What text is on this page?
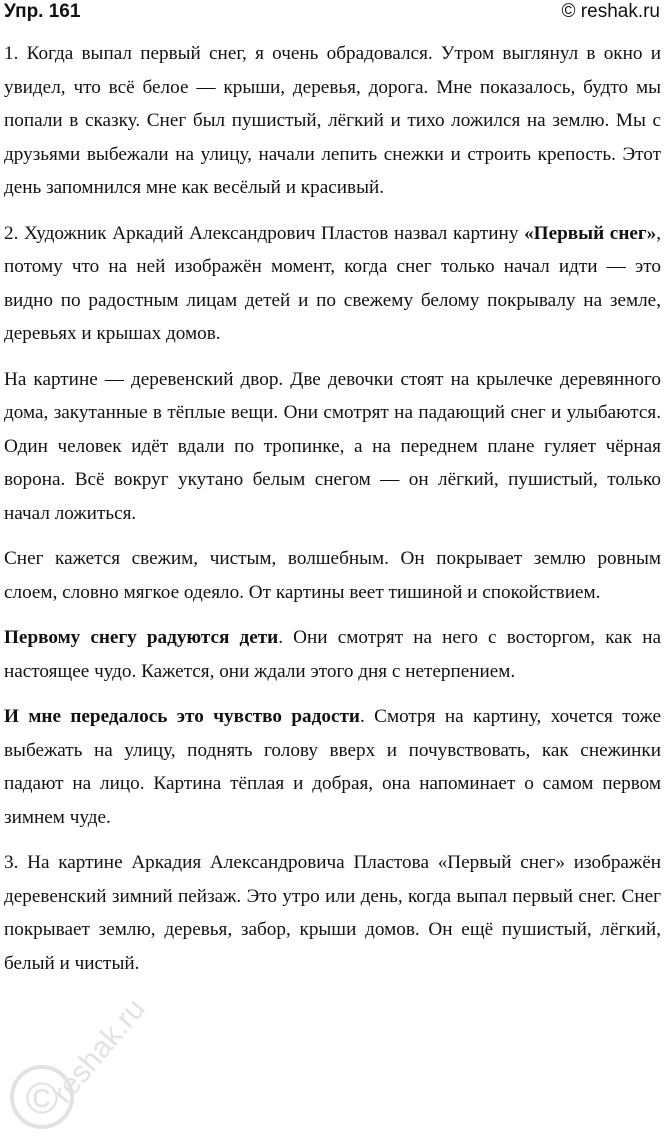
Упр. 161	© reshak.ru

1. Когда выпал первый снег, я очень обрадовался. Утром выглянул в окно и увидел, что всё белое — крыши, деревья, дорога. Мне показалось, будто мы попали в сказку. Снег был пушистый, лёгкий и тихо ложился на землю. Мы с друзьями выбежали на улицу, начали лепить снежки и строить крепость. Этот день запомнился мне как весёлый и красивый.

2. Художник Аркадий Александрович Пластов назвал картину «Первый снег», потому что на ней изображён момент, когда снег только начал идти — это видно по радостным лицам детей и по свежему белому покрывалу на земле, деревьях и крышах домов.

На картине — деревенский двор. Две девочки стоят на крылечке деревянного дома, закутанные в тёплые вещи. Они смотрят на падающий снег и улыбаются. Один человек идёт вдали по тропинке, а на переднем плане гуляет чёрная ворона. Всё вокруг укутано белым снегом — он лёгкий, пушистый, только начал ложиться.

Снег кажется свежим, чистым, волшебным. Он покрывает землю ровным слоем, словно мягкое одеяло. От картины веет тишиной и спокойствием.

Первому снегу радуются дети. Они смотрят на него с восторгом, как на настоящее чудо. Кажется, они ждали этого дня с нетерпением.

И мне передалось это чувство радости. Смотря на картину, хочется тоже выбежать на улицу, поднять голову вверх и почувствовать, как снежинки падают на лицо. Картина тёплая и добрая, она напоминает о самом первом зимнем чуде.

3. На картине Аркадия Александровича Пластова «Первый снег» изображён деревенский зимний пейзаж. Это утро или день, когда выпал первый снег. Снег покрывает землю, деревья, забор, крыши домов. Он ещё пушистый, лёгкий, белый и чистый.

©
reshak.ru
